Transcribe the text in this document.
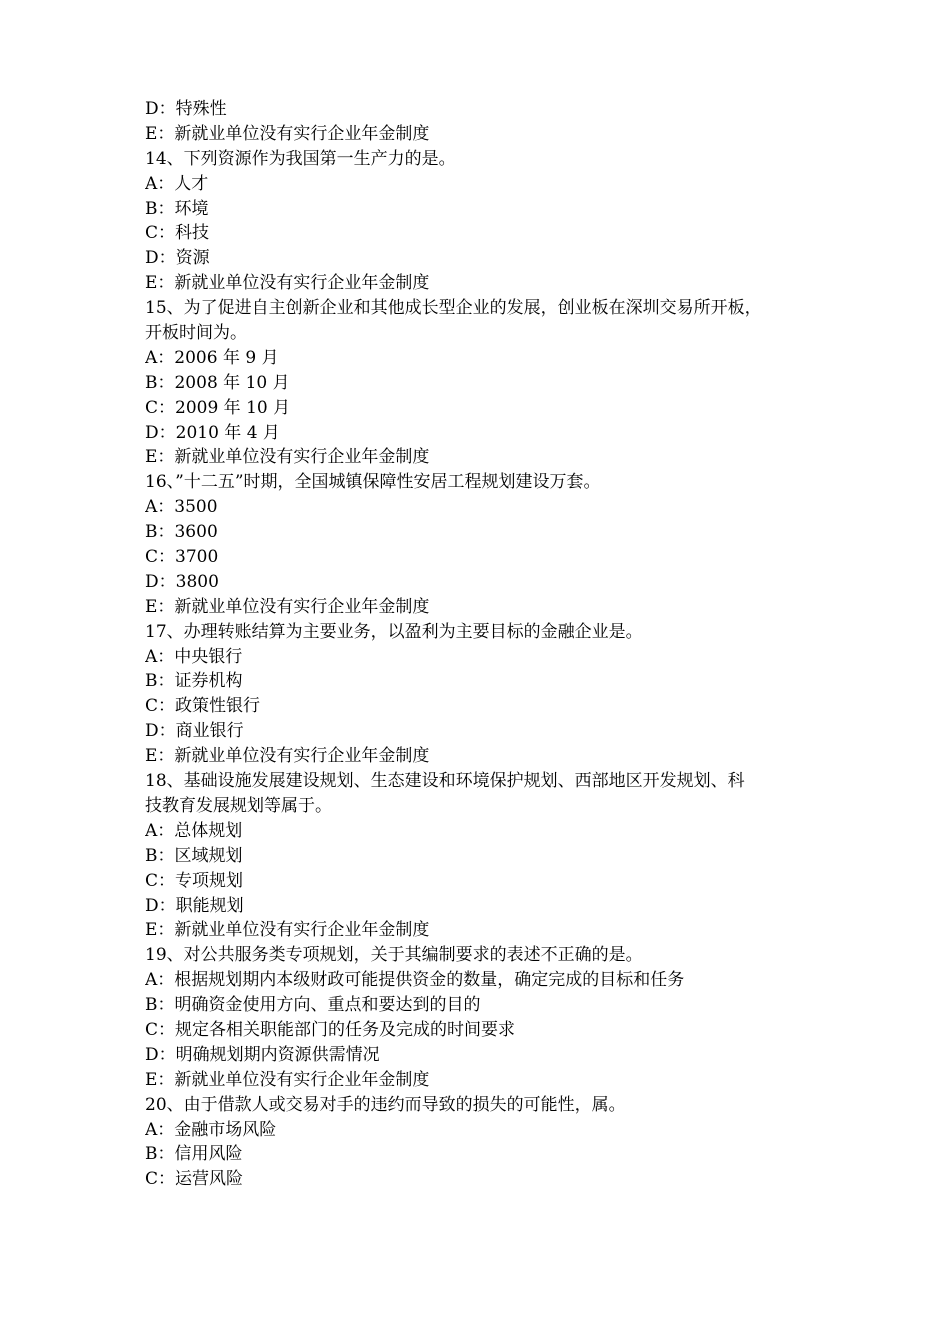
D：特殊性
E：新就业单位没有实行企业年金制度
14、下列资源作为我国第一生产力的是。
A：人才
B：环境
C：科技
D：资源
E：新就业单位没有实行企业年金制度
15、为了促进自主创新企业和其他成长型企业的发展，创业板在深圳交易所开板，
开板时间为。
A：2006 年 9 月
B：2008 年 10 月
C：2009 年 10 月
D：2010 年 4 月
E：新就业单位没有实行企业年金制度
16、”十二五”时期，全国城镇保障性安居工程规划建设万套。
A：3500
B：3600
C：3700
D：3800
E：新就业单位没有实行企业年金制度
17、办理转账结算为主要业务，以盈利为主要目标的金融企业是。
A：中央银行
B：证券机构
C：政策性银行
D：商业银行
E：新就业单位没有实行企业年金制度
18、基础设施发展建设规划、生态建设和环境保护规划、西部地区开发规划、科
技教育发展规划等属于。
A：总体规划
B：区域规划
C：专项规划
D：职能规划
E：新就业单位没有实行企业年金制度
19、对公共服务类专项规划，关于其编制要求的表述不正确的是。
A：根据规划期内本级财政可能提供资金的数量，确定完成的目标和任务
B：明确资金使用方向、重点和要达到的目的
C：规定各相关职能部门的任务及完成的时间要求
D：明确规划期内资源供需情况
E：新就业单位没有实行企业年金制度
20、由于借款人或交易对手的违约而导致的损失的可能性，属。
A：金融市场风险
B：信用风险
C：运营风险
